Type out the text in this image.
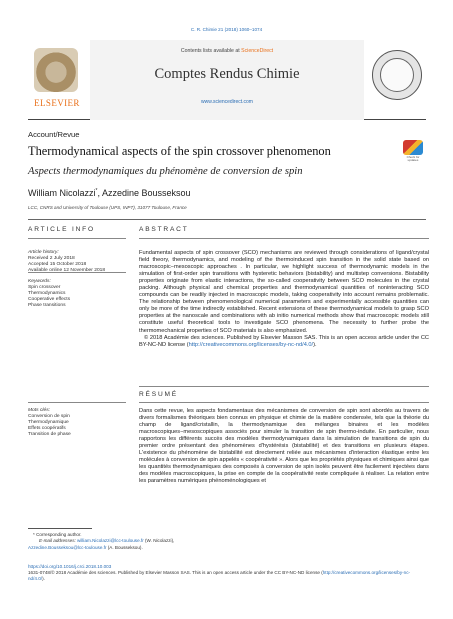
C. R. Chimie 21 (2018) 1060–1074
ELSEVIER
Contents lists available at ScienceDirect
Comptes Rendus Chimie
www.sciencedirect.com
Account/Revue
Thermodynamical aspects of the spin crossover phenomenon	Check for
updates
Aspects thermodynamiques du phénomène de conversion de spin
William Nicolazzi*, Azzedine Bousseksou
LCC, CNRS and University of Toulouse (UPS, INPT), 31077 Toulouse, France
ARTICLE INFO	ABSTRACT
Article history:
Received 2 July 2018
Accepted 15 October 2018
Available online 12 November 2018
Keywords:
Spin crossover
Thermodynamics
Cooperative effects
Phase transitions

Fundamental aspects of spin crossover (SCO) mechanisms are reviewed through considerations of ligand/crystal field theory, thermodynamics, and modeling of the thermoinduced spin transition in the solid state based on macroscopic−mesoscopic approaches . In particular, we highlight success of thermodynamic models in the simulation of first-order spin transitions with hysteretic behaviors (bistability) and multistep conversions. Bistability properties originate from elastic interactions, the so-called cooperativity between SCO molecules in the crystal packing. Although physical and chemical properties and thermodynamical quantities of noninteracting SCO compounds can be readily injected in macroscopic models, taking cooperativity into account remains problematic. The relationship between phenomenological numerical parameters and experimentally accessible quantities can only be more of the time indirectly established. Recent extensions of these thermodynamical models to grasp SCO properties at the nanoscale and combinations with ab initio numerical methods show that macroscopic models still constitute useful theoretical tools to investigate SCO phenomena. The necessity to further probe the thermomechanical properties of SCO materials is also emphasized.

© 2018 Académie des sciences. Published by Elsevier Masson SAS. This is an open access article under the CC BY-NC-ND license (http://creativecommons.org/licenses/by-nc-nd/4.0/).

RÉSUMÉ
Mots clés:
Conversion de spin
Thermodynamique
Effets coopératifs
Transition de phase
Dans cette revue, les aspects fondamentaux des mécanismes de conversion de spin sont abordés au travers de divers formalismes théoriques bien connus en physique et chimie de la matière condensée, tels que la théorie du champ de ligand/cristallin, la thermodynamique des mélanges binaires et les modèles macroscopiques−mesoscopiques associés pour simuler la transition de spin thermo-induite. En particulier, nous rapportons les différents succès des modèles thermodynamiques dans la simulation de transitions de spin du premier ordre présentant des phénomènes d'hystérésis (bistabilité) et des transitions en plusieurs étapes. L'existence du phénomène de bistabilité est directement reliée aux mécanismes d'interaction élastique entre les molécules à conversion de spin appelés « coopérativité ». Alors que les propriétés physiques et chimiques ainsi que les quantités thermodynamiques des composés à conversion de spin isolés peuvent être facilement injectées dans des modèles macroscopiques, la prise en compte de la coopérativité reste compliquée à réaliser. La relation entre les paramètres numériques phénoménologiques et
* Corresponding author.
E-mail addresses: william.Nicolazzi@lcc-toulouse.fr (W. Nicolazzi),
Azzedine.Bousseksou@lcc-toulouse.fr (A. Bousseksou).
https://doi.org/10.1016/j.crci.2018.10.003
1631-0748/© 2018 Académie des sciences. Published by Elsevier Masson SAS. This is an open access article under the CC BY-NC-ND license (http://creativecommons.org/licenses/by-nc-nd/4.0/).
